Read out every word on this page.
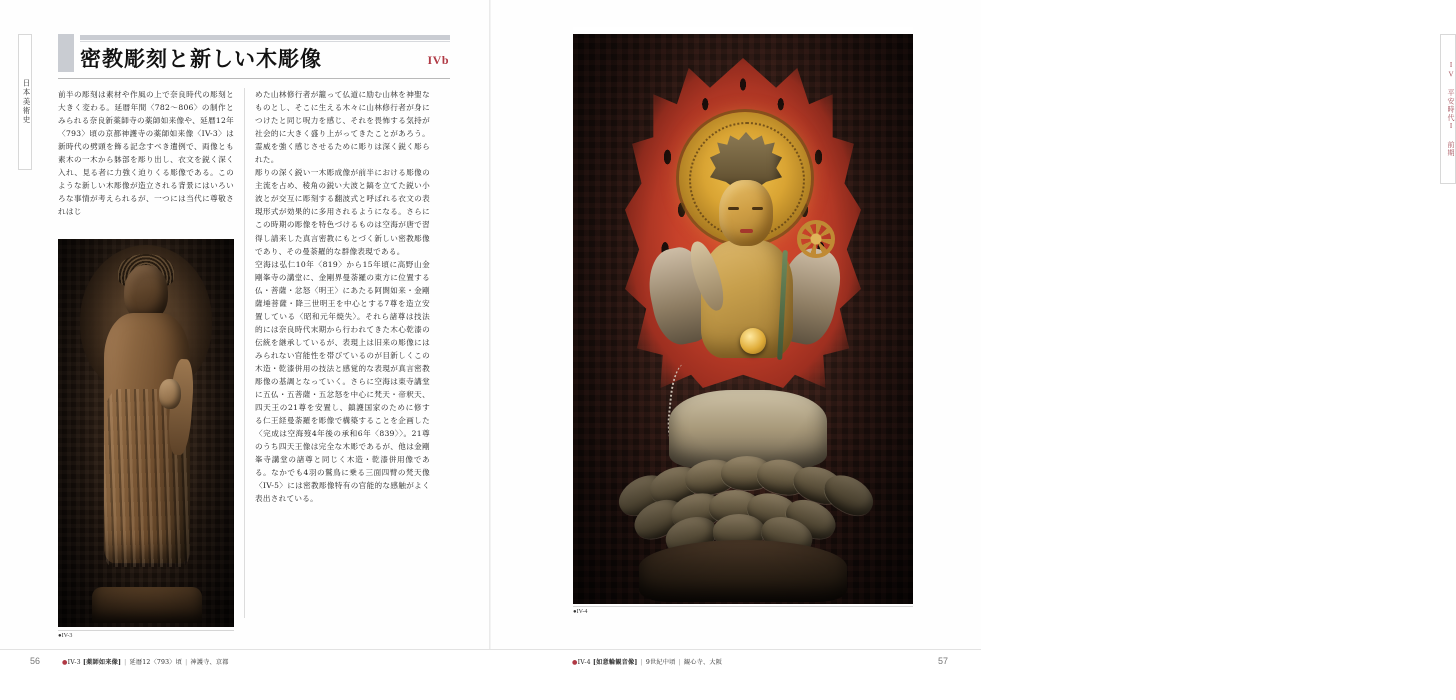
日本美術史
密教彫刻と新しい木彫像	IVb
前半の彫刻は素材や作風の上で奈良時代の彫刻と大きく変わる。延暦年間〈782〜806〉の制作とみられる奈良新薬師寺の薬師如来像や、延暦12年〈793〉頃の京都神護寺の薬師如来像〈IV-3〉は新時代の劈頭を飾る記念すべき遺例で、両像とも素木の一木から躰部を彫り出し、衣文を鋭く深く入れ、見る者に力強く迫りくる彫像である。このような新しい木彫像が造立される背景にはいろいろな事情が考えられるが、一つには当代に尊敬されはじ
めた山林修行者が籠って仏道に励む山林を神聖なものとし、そこに生える木々に山林修行者が身につけたと同じ呪力を感じ、それを畏怖する気持が社会的に大きく盛り上がってきたことがあろう。霊威を強く感じさせるために彫りは深く鋭く彫られた。
彫りの深く鋭い一木彫成像が前半における彫像の主流を占め、稜角の鋭い大波と鎬を立てた鋭い小波とが交互に彫刻する翻波式と呼ばれる衣文の表現形式が効果的に多用されるようになる。さらにこの時期の彫像を特色づけるものは空海が唐で習得し請来した真言密教にもとづく新しい密教彫像であり、その曼荼羅的な群像表現である。
空海は弘仁10年〈819〉から15年頃に高野山金剛峯寺の講堂に、金剛界曼荼羅の東方に位置する仏・菩薩・忿怒〈明王〉にあたる阿閦如来・金剛薩埵菩薩・降三世明王を中心とする7尊を造立安置している〈昭和元年焼失〉。それら諸尊は技法的には奈良時代末期から行われてきた木心乾漆の伝統を継承しているが、表現上は旧来の彫像にはみられない官能性を帯びているのが目新しくこの木造・乾漆併用の技法と感覚的な表現が真言密教彫像の基調となっていく。さらに空海は東寺講堂に五仏・五菩薩・五忿怒を中心に梵天・帝釈天、四天王の21尊を安置し、鎮護国家のために修する仁王経曼荼羅を彫像で構築することを企画した〈完成は空海歿4年後の承和6年〈839〉〉。21尊のうち四天王像は完全な木彫であるが、他は金剛峯寺講堂の諸尊と同じく木造・乾漆併用像である。なかでも4羽の鷲鳥に乗る三面四臂の梵天像〈IV-5〉には密教彫像特有の官能的な感触がよく表出されている。
●IV-3
IV 平安時代I 前期
●IV-4
56	●IV-3 [薬師如来像] | 延暦12〈793〉頃 | 神護寺、京都	57
●IV-4 [如意輪観音像] | 9世紀中頃 | 観心寺、大阪
